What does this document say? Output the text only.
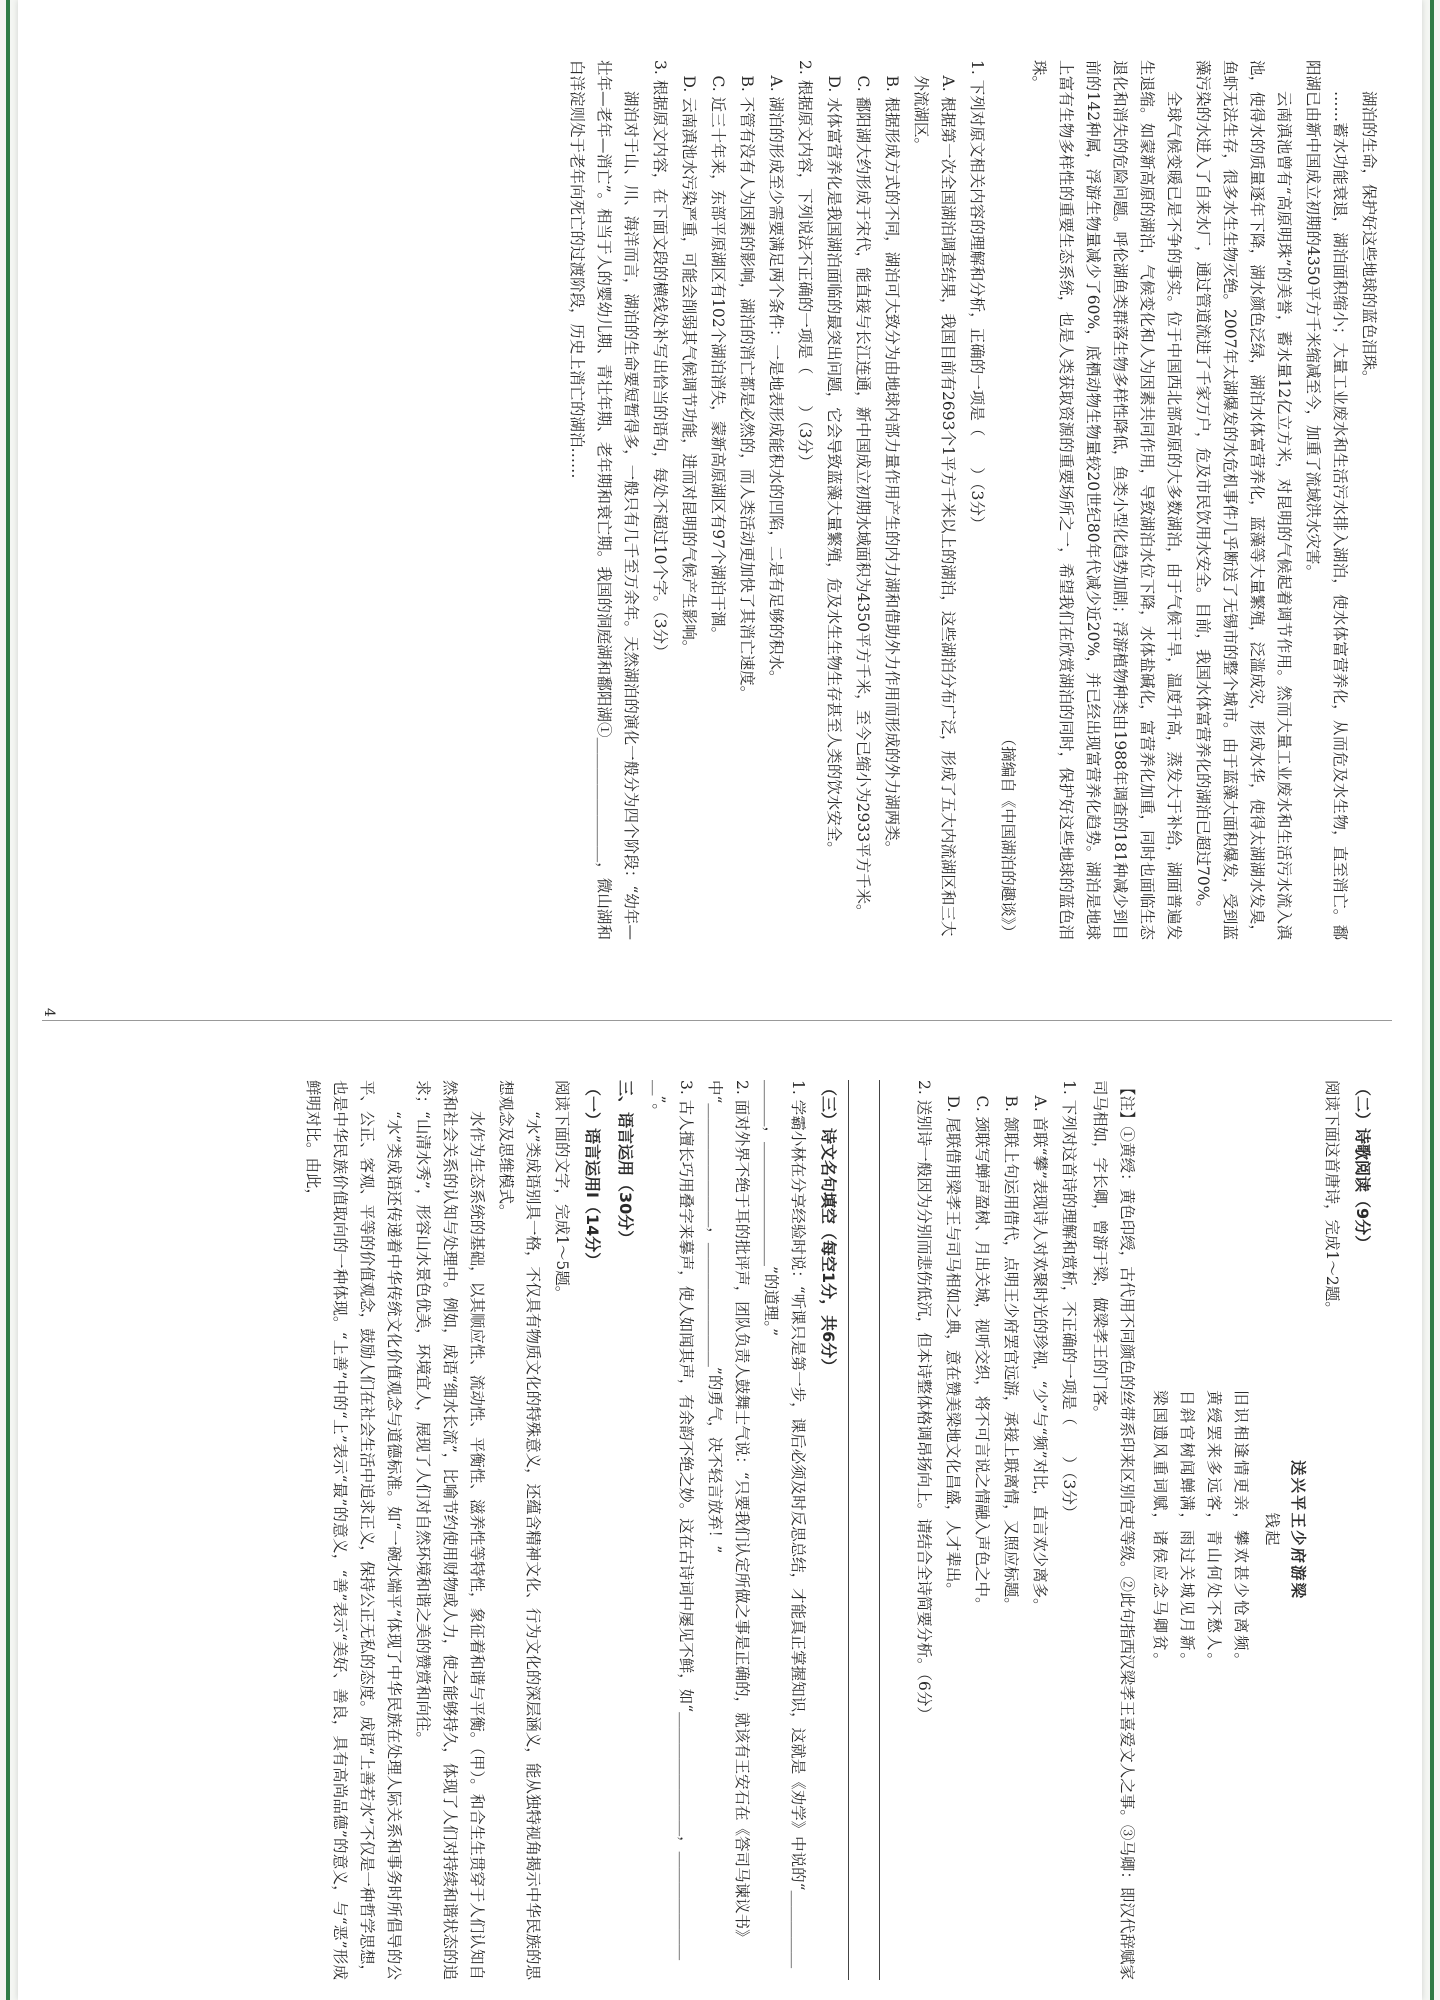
湖泊的生命，保护好这些地球的蓝色泪珠。

……蓄水功能衰退，湖泊面积缩小；大量工业废水和生活污水排入湖泊，使水体富营养化，从而危及水生物，直至消亡。鄱阳湖已由新中国成立初期的4350平方千米缩减至今，加重了流域洪水灾害。

云南滇池曾有“高原明珠”的美誉，蓄水量12亿立方米，对昆明的气候起着调节作用。然而大量工业废水和生活污水流入滇池，使得水的质量逐年下降，湖水颜色泛绿，湖泊水体富营养化，蓝藻等大量繁殖，泛滥成灾，形成水华，使得太湖湖水发臭，鱼虾无法生存，很多水生生物灭绝。2007年太湖爆发的水危机事件几乎断送了无锡市的整个城市。由于蓝藻大面积爆发，受到蓝藻污染的水进入了自来水厂，通过管道流进了千家万户，危及市民饮用水安全。目前，我国水体富营养化的湖泊已超过70%。

全球气候变暖已是不争的事实。位于中国西北部高原的大多数湖泊，由于气候干旱，温度升高，蒸发大于补给，湖面普遍发生退缩。如蒙新高原的湖泊，气候变化和人为因素共同作用，导致湖泊水位下降，水体盐碱化，富营养化加重，同时也面临生态退化和消失的危险问题。呼伦湖鱼类群落生物多样性降低，鱼类小型化趋势加剧；浮游植物种类由1988年调查的181种减少到目前的142种属，浮游生物量减少了60%，底栖动物生物量较20世纪80年代减少近20%，并已经出现富营养化趋势。湖泊是地球上富有生物多样性的重要生态系统，也是人类获取资源的重要场所之一，希望我们在欣赏湖泊的同时，保护好这些地球的蓝色泪珠。

（摘编自《中国湖泊的趣谈》）

1. 下列对原文相关内容的理解和分析，正确的一项是（　　）（3分）

A. 根据第一次全国湖泊调查结果，我国目前有2693个1平方千米以上的湖泊，这些湖泊分布广泛，形成了五大内流湖区和三大外流湖区。

B. 根据形成方式的不同，湖泊可大致分为由地球内部力量作用产生的内力湖和借助外力作用而形成的外力湖两类。

C. 鄱阳湖大约形成于宋代，能直接与长江连通，新中国成立初期水域面积为4350平方千米，至今已缩小为2933平方千米。

D. 水体富营养化是我国湖泊面临的最突出问题，它会导致蓝藻大量繁殖，危及水生生物生存甚至人类的饮水安全。

2. 根据原文内容，下列说法不正确的一项是（　　）（3分）

A. 湖泊的形成至少需要满足两个条件：一是地表形成能积水的凹陷，二是有足够的积水。

B. 不管有没有人为因素的影响，湖泊的消亡都是必然的，而人类活动更加快了其消亡速度。

C. 近三十年来，东部平原湖区有102个湖泊消失，蒙新高原湖区有97个湖泊干涸。

D. 云南滇池水污染严重，可能会削弱其气候调节功能，进而对昆明的气候产生影响。

3. 根据原文内容，在下面文段的横线处补写出恰当的语句，每处不超过10个字。（3分）

湖泊对于山、川、海洋而言，湖泊的生命要短暂得多，一般只有几千至万余年。天然湖泊的演化一般分为四个阶段：“幼年—壮年—老年—消亡”。相当于人的婴幼儿期、青壮年期、老年期和衰亡期。我国的洞庭湖和鄱阳湖①＿＿＿＿＿＿＿＿，微山湖和白洋淀则处于老年向死亡的过渡阶段，历史上消亡的湖泊……

4
（二）诗歌阅读（9分）

阅读下面这首唐诗，完成1～2题。

送兴平王少府游梁

钱起

旧识相逢情更亲，攀欢甚少怆离频。

黄绶罢来多远客，青山何处不愁人。

日斜官树闻蝉满，雨过关城见月新。

梁国遗风重词赋，诸侯应念马卿贫。

【注】①黄绶：黄色印绶，古代用不同颜色的丝带系印来区别官吏等级。②此句指西汉梁孝王喜爱文人之事。③马卿：即汉代辞赋家司马相如，字长卿，曾游于梁，做梁孝王的门客。

1. 下列对这首诗的理解和赏析，不正确的一项是（　　）（3分）

A. 首联“攀”表现诗人对欢聚时光的珍视，“少”与“频”对比，直言欢少离多。

B. 颔联上句运用借代，点明王少府罢官远游，承接上联离情，又照应标题。

C. 颈联写蝉声盈树、月出关城，视听交织，将不可言说之情融入声色之中。

D. 尾联借用梁孝王与司马相如之典，意在赞美梁地文化昌盛，人才辈出。

2. 送别诗一般因为分别而悲伤低沉，但本诗整体格调昂扬向上。请结合全诗简要分析。（6分）

（三）诗文名句填空（每空1分，共6分）

1. 学霸小林在分享经验时说：“听课只是第一步，课后必须及时反思总结，才能真正掌握知识，这就是《劝学》中说的“＿＿＿＿＿＿＿＿，＿＿＿＿＿＿＿＿”的道理。”

2. 面对外界不绝于耳的批评声，团队负责人鼓舞士气说：“只要我们认定所做之事是正确的，就该有王安石在《答司马谏议书》中“＿＿＿＿＿＿＿＿，＿＿＿＿＿＿＿＿”的勇气，决不轻言放弃！”

3. 古人擅长巧用叠字来摹声，使人如闻其声，有余韵不绝之妙。这在古诗词中屡见不鲜，如“＿＿＿＿＿＿＿＿，＿＿＿＿＿＿＿＿”。

三、语言运用（30分）
（一）语言运用Ⅰ（14分）

阅读下面的文字，完成1～5题。

“水”类成语别具一格，不仅具有物质文化的特殊意义，还蕴含精神文化、行为文化的深层涵义，能从独特视角揭示中华民族的思想观念及思维模式。

水作为生态系统的基础，以其顺应性、流动性、平衡性、滋养性等特性，象征着和谐与平衡。（甲）。和合生生贯穿于人们认知自然和社会关系的认知与处理中。例如，成语“细水长流”，比喻节约使用财物或人力，使之能够持久，体现了人们对持续和谐状态的追求；“山清水秀”，形容山水景色优美，环境宜人，展现了人们对自然环境和谐之美的赞赏和向往。

“水”类成语还传递着中华传统文化价值观念与道德标准。如“一碗水端平”体现了中华民族在处理人际关系和事务时所倡导的公平、公正、客观、平等的价值观念，鼓励人们在社会生活中追求正义，保持公正无私的态度。成语“上善若水”不仅是一种哲学思想，也是中华民族价值取向的一种体现。“上善”中的“上”表示“最”的意义，“善”表示“美好、善良，具有高尚品德”的意义，与“恶”形成鲜明对比。由此，
